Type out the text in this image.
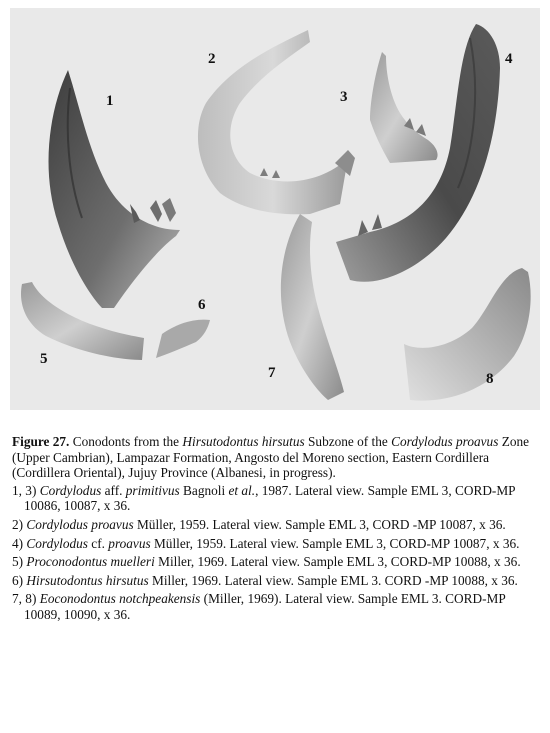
1
2
3
4
5
6
7	8

Figure 27. Conodonts from the Hirsutodontus hirsutus Subzone of the Cordylodus proavus Zone (Upper Cambrian), Lampazar Formation, Angosto del Moreno section, Eastern Cordillera (Cordillera Oriental), Jujuy Province (Albanesi, in progress).

1, 3) Cordylodus aff. primitivus Bagnoli et al., 1987. Lateral view. Sample EML 3, CORD-MP 10086, 10087, x 36.

2) Cordylodus proavus Müller, 1959. Lateral view. Sample EML 3, CORD -MP 10087, x 36.

4) Cordylodus cf. proavus Müller, 1959. Lateral view. Sample EML 3, CORD-MP 10087, x 36.

5) Proconodontus muelleri Miller, 1969. Lateral view. Sample EML 3, CORD-MP 10088, x 36.

6) Hirsutodontus hirsutus Miller, 1969. Lateral view. Sample EML 3. CORD -MP 10088, x 36.

7, 8) Eoconodontus notchpeakensis (Miller, 1969). Lateral view. Sample EML 3. CORD-MP 10089, 10090, x 36.
